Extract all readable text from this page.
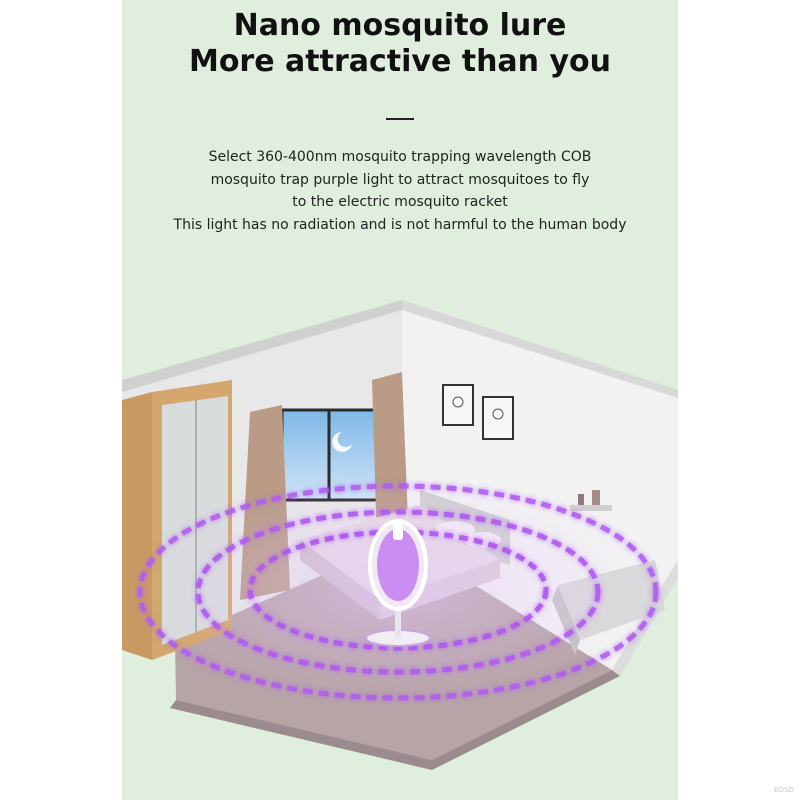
Nano mosquito lure
More attractive than you

Select 360-400nm mosquito trapping wavelength COB
mosquito trap purple light to attract mosquitoes to fly
to the electric mosquito racket
This light has no radiation and is not harmful to the human body

BDSD
